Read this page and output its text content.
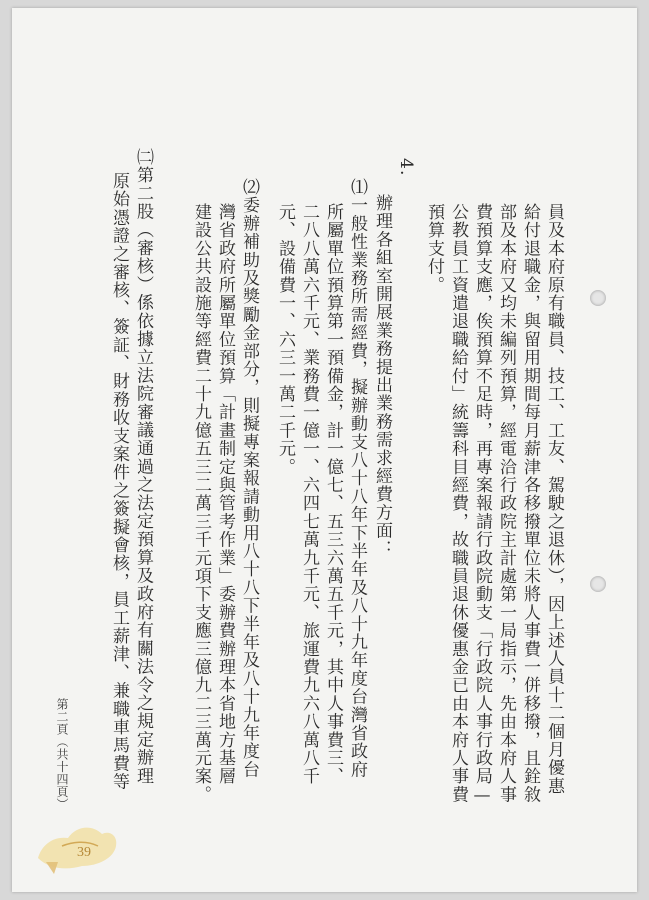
員及本府原有職員、技工、工友、駕駛之退休），因上述人員十二個月優惠
給付退職金，與留用期間每月薪津各移撥單位未將人事費一併移撥，且銓敘
部及本府又均未編列預算，經電洽行政院主計處第一局指示，先由本府人事
費預算支應，俟預算不足時，再專案報請行政院動支「行政院人事行政局—
公教員工資遣退職給付」統籌科目經費，故職員退休優惠金已由本府人事費
預算支付。
4.
辦理各組室開展業務提出業務需求經費方面：
⑴一般性業務所需經費，擬辦動支八十八年下半年及八十九年度台灣省政府
所屬單位預算第一預備金，計一億七、五三六萬五千元，其中人事費三、
二八八萬六千元、業務費一億一、六四七萬九千元、旅運費九六八萬八千
元、設備費一、六三一萬二千元。
⑵委辦補助及獎勵金部分，則擬專案報請動用八十八下半年及八十九年度台
灣省政府所屬單位預算「計畫制定與管考作業」委辦費辦理本省地方基層
建設公共設施等經費二十九億五三二萬三千元項下支應三億九二三萬元案。
㈡第二股（審核）係依據立法院審議通過之法定預算及政府有關法令之規定辦理
原始憑證之審核、簽証、財務收支案件之簽擬會核，員工薪津、兼職車馬費等
第二頁（共十四頁）
39
